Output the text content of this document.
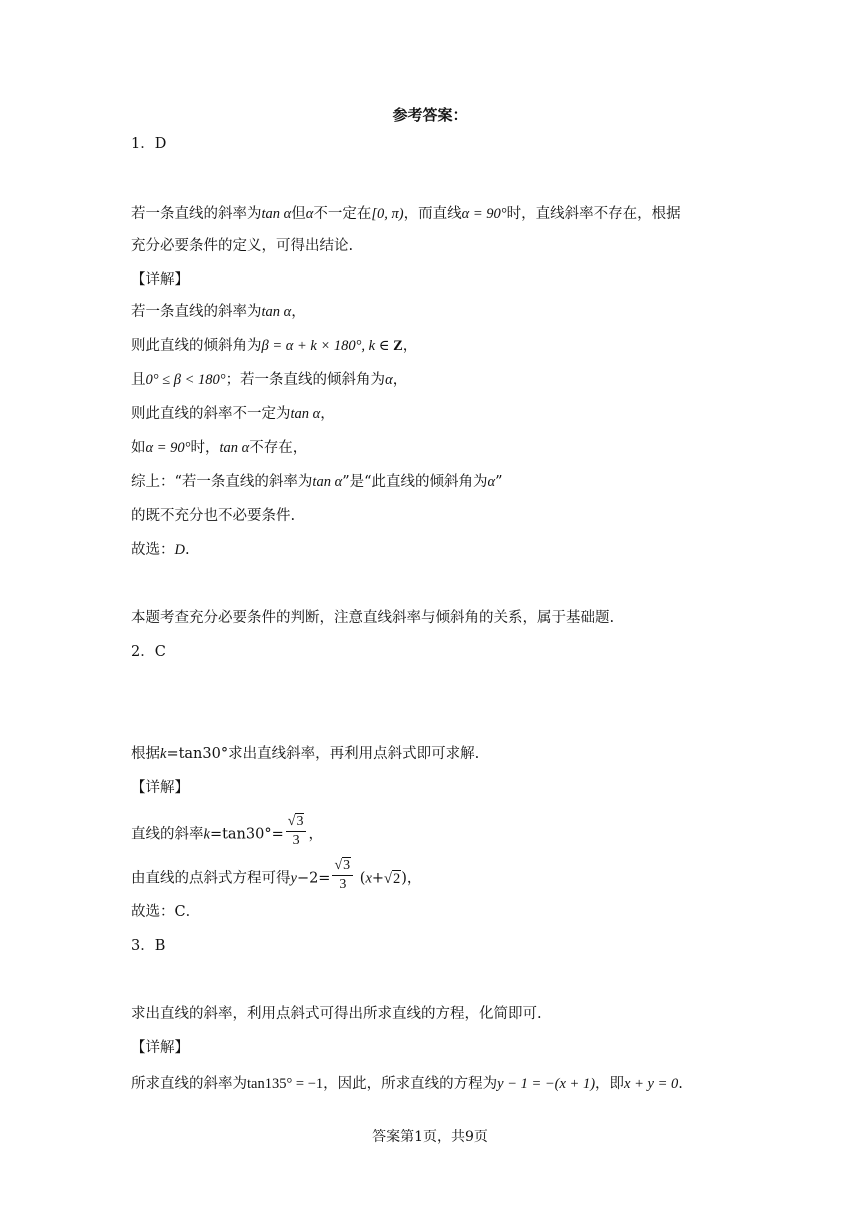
参考答案：
1．D
若一条直线的斜率为tan α但α不一定在[0, π)，而直线α = 90°时，直线斜率不存在，根据
充分必要条件的定义，可得出结论.
【详解】
若一条直线的斜率为tan α，
则此直线的倾斜角为β = α + k × 180°, k ∈ Z，
且0° ≤ β < 180°；若一条直线的倾斜角为α，
则此直线的斜率不一定为tan α，
如α = 90°时，tan α不存在，
综上：“若一条直线的斜率为tan α”是“此直线的倾斜角为α”
的既不充分也不必要条件.
故选：D.
本题考查充分必要条件的判断，注意直线斜率与倾斜角的关系，属于基础题.
2．C
根据k=tan30°求出直线斜率，再利用点斜式即可求解.
【详解】
直线的斜率$k=\tan 30^\circ= \frac{√3}{3}$ ，
由直线的点斜式方程可得$y-2= \frac{√3}{3} (x+√2)$，
故选：C．
3．B
求出直线的斜率，利用点斜式可得出所求直线的方程，化简即可.
【详解】
所求直线的斜率为tan135° = −1，因此，所求直线的方程为y − 1 = −(x + 1)，即x + y = 0.
答案第1页，共9页
